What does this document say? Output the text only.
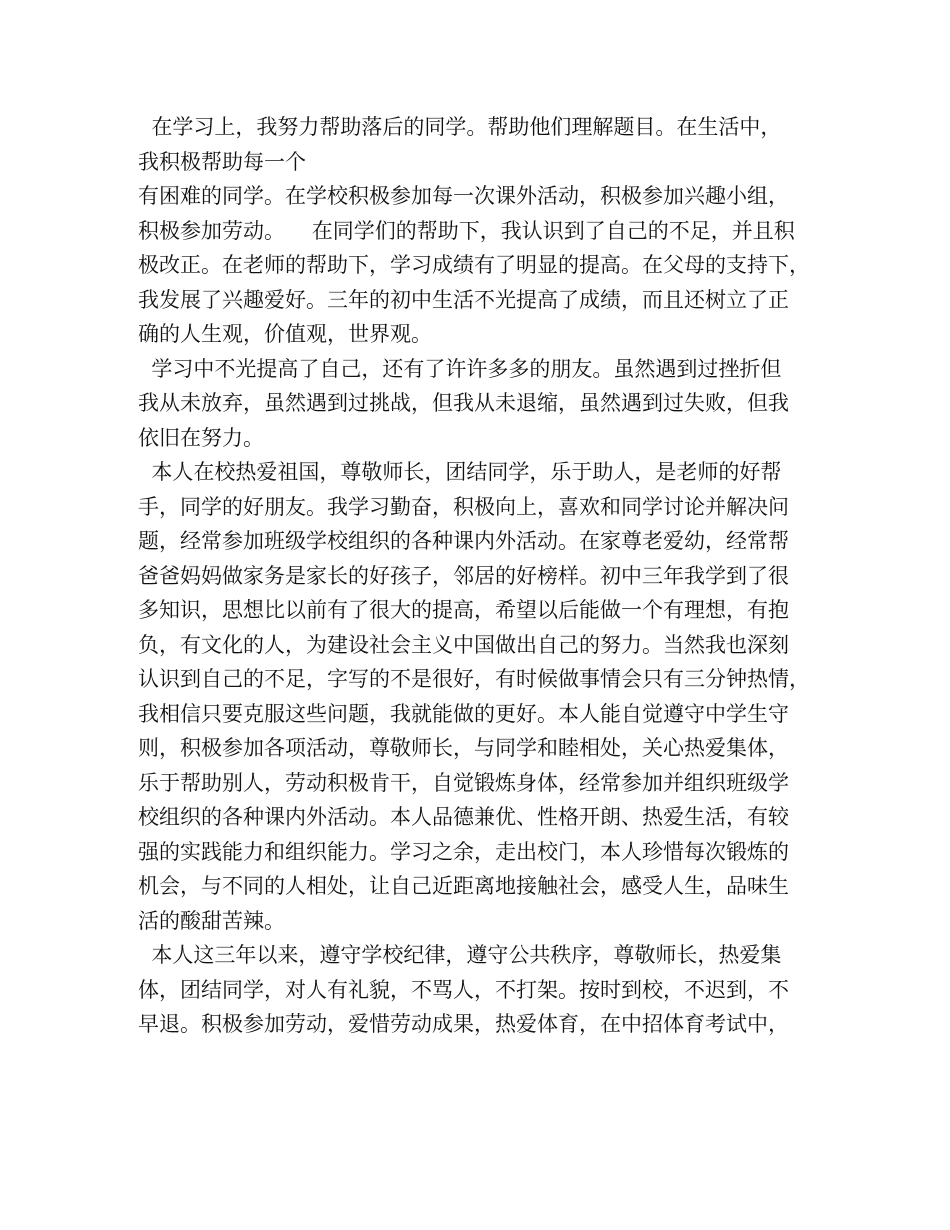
在学习上，我努力帮助落后的同学。帮助他们理解题目。在生活中，
我积极帮助每一个
有困难的同学。在学校积极参加每一次课外活动，积极参加兴趣小组，
积极参加劳动。    在同学们的帮助下，我认识到了自己的不足，并且积
极改正。在老师的帮助下，学习成绩有了明显的提高。在父母的支持下，
我发展了兴趣爱好。三年的初中生活不光提高了成绩，而且还树立了正
确的人生观，价值观，世界观。
学习中不光提高了自己，还有了许许多多的朋友。虽然遇到过挫折但
我从未放弃，虽然遇到过挑战，但我从未退缩，虽然遇到过失败，但我
依旧在努力。
本人在校热爱祖国，尊敬师长，团结同学，乐于助人，是老师的好帮
手，同学的好朋友。我学习勤奋，积极向上，喜欢和同学讨论并解决问
题，经常参加班级学校组织的各种课内外活动。在家尊老爱幼，经常帮
爸爸妈妈做家务是家长的好孩子，邻居的好榜样。初中三年我学到了很
多知识，思想比以前有了很大的提高，希望以后能做一个有理想，有抱
负，有文化的人，为建设社会主义中国做出自己的努力。当然我也深刻
认识到自己的不足，字写的不是很好，有时候做事情会只有三分钟热情，
我相信只要克服这些问题，我就能做的更好。本人能自觉遵守中学生守
则，积极参加各项活动，尊敬师长，与同学和睦相处，关心热爱集体，
乐于帮助别人，劳动积极肯干，自觉锻炼身体，经常参加并组织班级学
校组织的各种课内外活动。本人品德兼优、性格开朗、热爱生活，有较
强的实践能力和组织能力。学习之余，走出校门，本人珍惜每次锻炼的
机会，与不同的人相处，让自己近距离地接触社会，感受人生，品味生
活的酸甜苦辣。
本人这三年以来，遵守学校纪律，遵守公共秩序，尊敬师长，热爱集
体，团结同学，对人有礼貌，不骂人，不打架。按时到校，不迟到，不
早退。积极参加劳动，爱惜劳动成果，热爱体育，在中招体育考试中，
